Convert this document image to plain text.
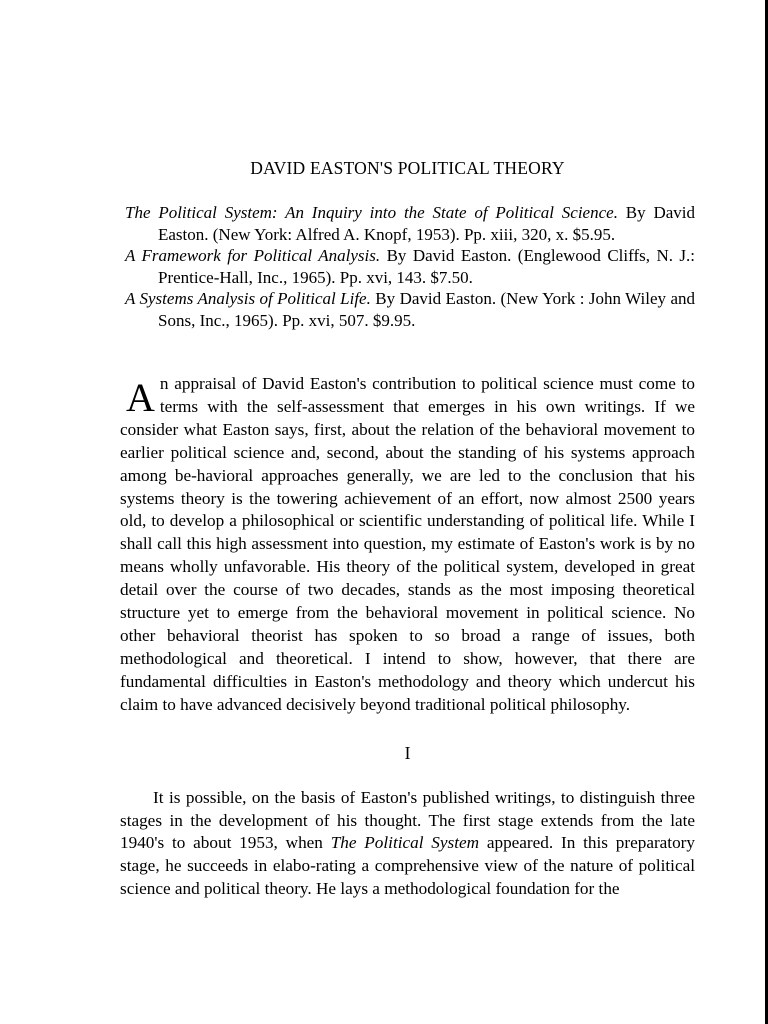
DAVID EASTON'S POLITICAL THEORY
The Political System: An Inquiry into the State of Political Science. By David Easton. (New York: Alfred A. Knopf, 1953). Pp. xiii, 320, x. $5.95.
A Framework for Political Analysis. By David Easton. (Englewood Cliffs, N. J.: Prentice-Hall, Inc., 1965). Pp. xvi, 143. $7.50.
A Systems Analysis of Political Life. By David Easton. (New York : John Wiley and Sons, Inc., 1965). Pp. xvi, 507. $9.95.
An appraisal of David Easton's contribution to political science must come to terms with the self-assessment that emerges in his own writings. If we consider what Easton says, first, about the relation of the behavioral movement to earlier political science and, second, about the standing of his systems approach among be-havioral approaches generally, we are led to the conclusion that his systems theory is the towering achievement of an effort, now almost 2500 years old, to develop a philosophical or scientific understanding of political life. While I shall call this high assessment into question, my estimate of Easton's work is by no means wholly unfavorable. His theory of the political system, developed in great detail over the course of two decades, stands as the most imposing theoretical structure yet to emerge from the behavioral movement in political science. No other behavioral theorist has spoken to so broad a range of issues, both methodological and theoretical. I intend to show, however, that there are fundamental difficulties in Easton's methodology and theory which undercut his claim to have advanced decisively beyond traditional political philosophy.
I
It is possible, on the basis of Easton's published writings, to distinguish three stages in the development of his thought. The first stage extends from the late 1940's to about 1953, when The Political System appeared. In this preparatory stage, he succeeds in elabo-rating a comprehensive view of the nature of political science and political theory. He lays a methodological foundation for the
